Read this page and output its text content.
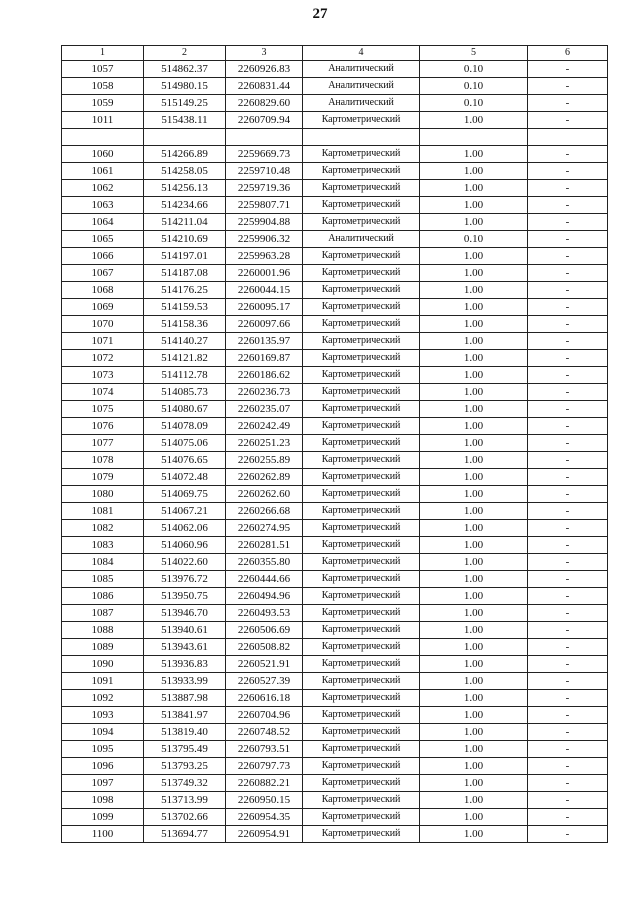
27
1	2	3	4	5	6
1057	514862.37	2260926.83	Аналитический	0.10	-
1058	514980.15	2260831.44	Аналитический	0.10	-
1059	515149.25	2260829.60	Аналитический	0.10	-
1011	515438.11	2260709.94	Картометрический	1.00	-

1060	514266.89	2259669.73	Картометрический	1.00	-
1061	514258.05	2259710.48	Картометрический	1.00	-
1062	514256.13	2259719.36	Картометрический	1.00	-
1063	514234.66	2259807.71	Картометрический	1.00	-
1064	514211.04	2259904.88	Картометрический	1.00	-
1065	514210.69	2259906.32	Аналитический	0.10	-
1066	514197.01	2259963.28	Картометрический	1.00	-
1067	514187.08	2260001.96	Картометрический	1.00	-
1068	514176.25	2260044.15	Картометрический	1.00	-
1069	514159.53	2260095.17	Картометрический	1.00	-
1070	514158.36	2260097.66	Картометрический	1.00	-
1071	514140.27	2260135.97	Картометрический	1.00	-
1072	514121.82	2260169.87	Картометрический	1.00	-
1073	514112.78	2260186.62	Картометрический	1.00	-
1074	514085.73	2260236.73	Картометрический	1.00	-
1075	514080.67	2260235.07	Картометрический	1.00	-
1076	514078.09	2260242.49	Картометрический	1.00	-
1077	514075.06	2260251.23	Картометрический	1.00	-
1078	514076.65	2260255.89	Картометрический	1.00	-
1079	514072.48	2260262.89	Картометрический	1.00	-
1080	514069.75	2260262.60	Картометрический	1.00	-
1081	514067.21	2260266.68	Картометрический	1.00	-
1082	514062.06	2260274.95	Картометрический	1.00	-
1083	514060.96	2260281.51	Картометрический	1.00	-
1084	514022.60	2260355.80	Картометрический	1.00	-
1085	513976.72	2260444.66	Картометрический	1.00	-
1086	513950.75	2260494.96	Картометрический	1.00	-
1087	513946.70	2260493.53	Картометрический	1.00	-
1088	513940.61	2260506.69	Картометрический	1.00	-
1089	513943.61	2260508.82	Картометрический	1.00	-
1090	513936.83	2260521.91	Картометрический	1.00	-
1091	513933.99	2260527.39	Картометрический	1.00	-
1092	513887.98	2260616.18	Картометрический	1.00	-
1093	513841.97	2260704.96	Картометрический	1.00	-
1094	513819.40	2260748.52	Картометрический	1.00	-
1095	513795.49	2260793.51	Картометрический	1.00	-
1096	513793.25	2260797.73	Картометрический	1.00	-
1097	513749.32	2260882.21	Картометрический	1.00	-
1098	513713.99	2260950.15	Картометрический	1.00	-
1099	513702.66	2260954.35	Картометрический	1.00	-
1100	513694.77	2260954.91	Картометрический	1.00	-
